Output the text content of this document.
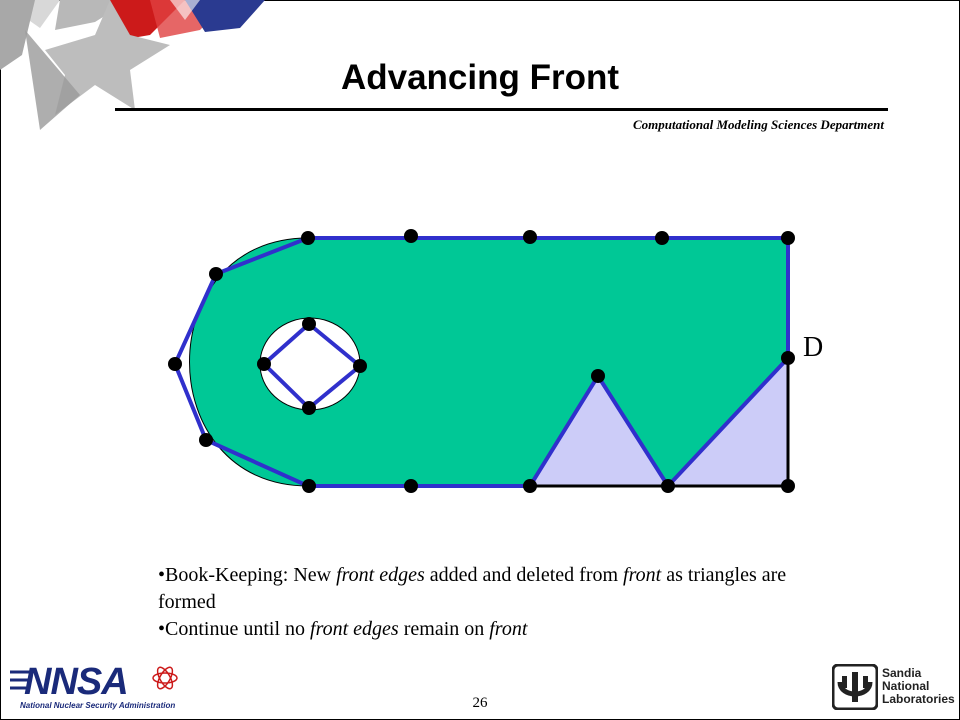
Advancing Front
Computational Modeling Sciences Department
D

•Book-Keeping: New front edges added and deleted from front as triangles are formed

•Continue until no front edges remain on front

NNSA
National Nuclear Security Administration	26
Sandia
National
Laboratories
